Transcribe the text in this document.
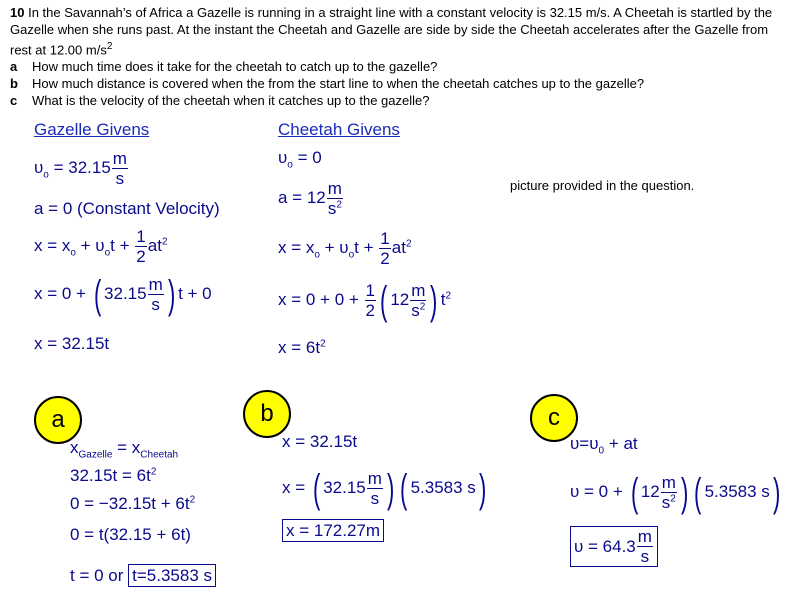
10 In the Savannah’s of Africa a Gazelle is running in a straight line with a constant velocity is 32.15 m/s. A Cheetah is startled by the Gazelle when she runs past. At the instant the Cheetah and Gazelle are side by side the Cheetah accelerates after the Gazelle from rest at 12.00 $m/s^2$
a	How much time does it take for the cheetah to catch up to the gazelle?
b	How much distance is covered when the from the start line to when the cheetah catches up to the gazelle?
c	What is the velocity of the cheetah when it catches up to the gazelle?
Gazelle Givens
$\upsilon_o = 32.15 \frac{m}{s}$
a = 0 (Constant Velocity)
$x = x_o + \upsilon_ot + \frac{1}{2} at^2$
x = 0 + ( $32.15 \frac{m}{s}$ ) t + 0
x = 32.15t
Cheetah Givens
$\upsilon_o = 0$
$a = 12 \frac{m}{s^2}$
$x = x_o + \upsilon_ot + \frac{1}{2} at^2$
$x = 0 + 0 + \frac{1}{2}$ ( $12 \frac{m}{s^2}$ ) $t^2$
$x = 6t^2$
picture provided in the question.
a	b	c
$x_{Gazelle} = x_{Cheetah}$
$32.15t = 6t^2$
$0 = -32.15t + 6t^2$
0 = t(32.15 + 6t)
t = 0 or t=5.3583 s
x = 32.15t
x = ( $32.15 \frac{m}{s}$ ) ( 5.3583 s)
x = 172.27m
$\upsilon=\upsilon_0$ + at
υ = 0 + ( $12 \frac{m}{s^2}$ ) ( 5.3583 s)
$\upsilon = 64.3 \frac{m}{s}$
